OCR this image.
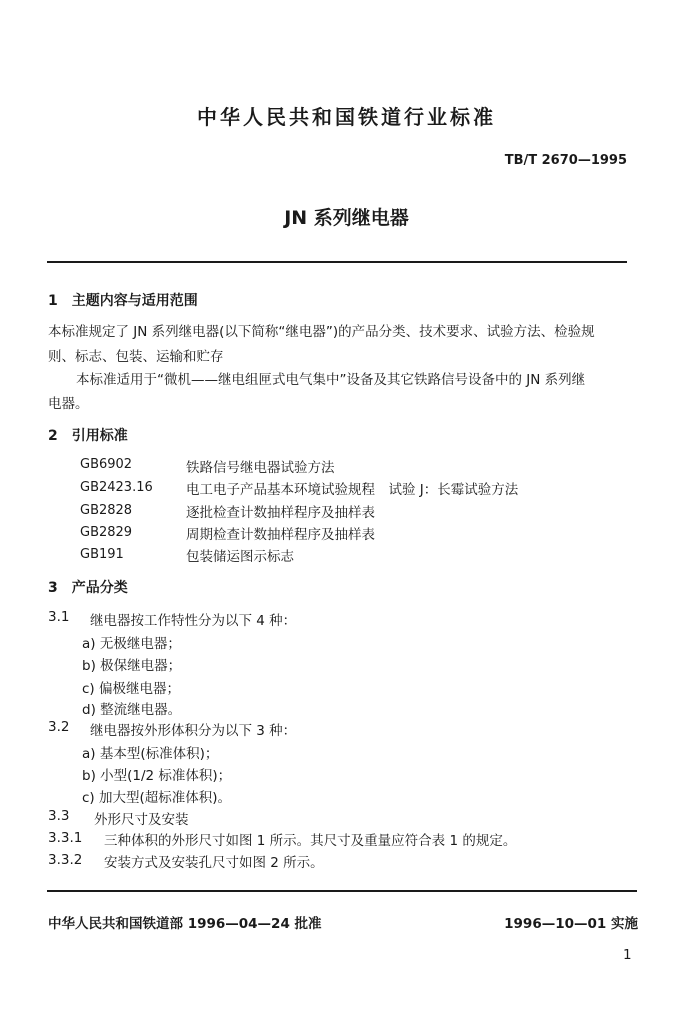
中华人民共和国铁道行业标准
TB/T 2670—1995
JN 系列继电器
1　主题内容与适用范围
本标准规定了 JN 系列继电器(以下简称“继电器”)的产品分类、技术要求、试验方法、检验规
则、标志、包装、运输和贮存
本标准适用于“微机——继电组匣式电气集中”设备及其它铁路信号设备中的 JN 系列继
电器。
2　引用标准
GB6902	铁路信号继电器试验方法
GB2423.16 电工电子产品基本环境试验规程　试验 J：长霉试验方法
GB2828	逐批检查计数抽样程序及抽样表
GB2829	周期检查计数抽样程序及抽样表
GB191	包装储运图示标志
3　产品分类
3.1 继电器按工作特性分为以下 4 种：
a) 无极继电器；
b) 极保继电器；
c) 偏极继电器；
d) 整流继电器。
3.2 继电器按外形体积分为以下 3 种：
a) 基本型(标准体积)；
b) 小型(1/2 标准体积)；
c) 加大型(超标准体积)。
3.3 外形尺寸及安装
3.3.1 三种体积的外形尺寸如图 1 所示。其尺寸及重量应符合表 1 的规定。
3.3.2 安装方式及安装孔尺寸如图 2 所示。
中华人民共和国铁道部 1996—04—24 批准	1996—10—01 实施
1
